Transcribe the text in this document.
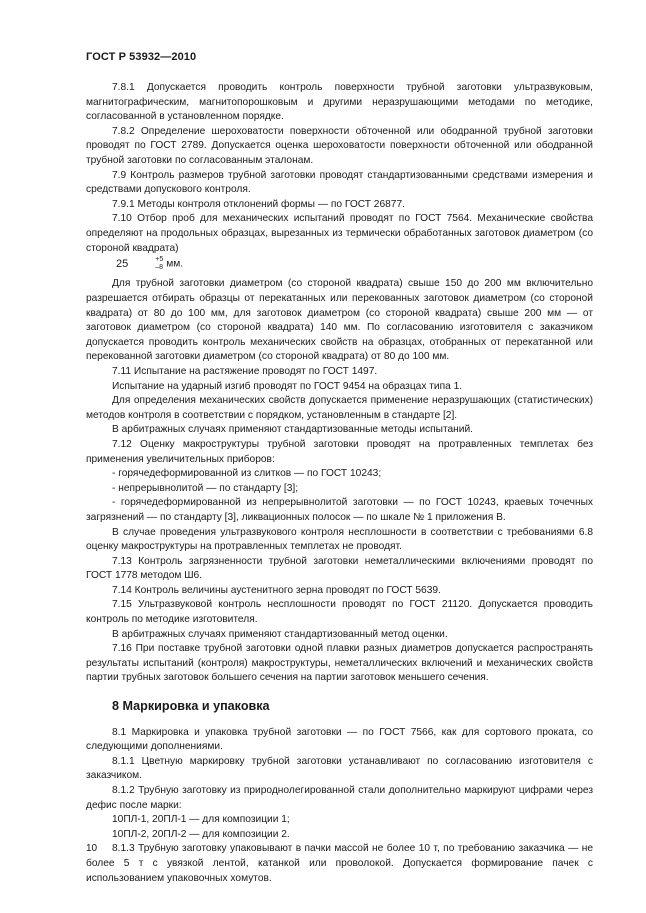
ГОСТ Р 53932—2010

7.8.1 Допускается проводить контроль поверхности трубной заготовки ультразвуковым, магнитографическим, магнитопорошковым и другими неразрушающими методами по методике, согласованной в установленном порядке.

7.8.2 Определение шероховатости поверхности обточенной или ободранной трубной заготовки проводят по ГОСТ 2789. Допускается оценка шероховатости поверхности обточенной или ободранной трубной заготовки по согласованным эталонам.

7.9 Контроль размеров трубной заготовки проводят стандартизованными средствами измерения и средствами допускового контроля.

7.9.1 Методы контроля отклонений формы — по ГОСТ 26877.

7.10 Отбор проб для механических испытаний проводят по ГОСТ 7564. Механические свойства определяют на продольных образцах, вырезанных из термически обработанных заготовок диаметром (со стороной квадрата)

25	+5
–8 мм.

Для трубной заготовки диаметром (со стороной квадрата) свыше 150 до 200 мм включительно разрешается отбирать образцы от перекатанных или перекованных заготовок диаметром (со стороной квадрата) от 80 до 100 мм, для заготовок диаметром (со стороной квадрата) свыше 200 мм — от заготовок диаметром (со стороной квадрата) 140 мм. По согласованию изготовителя с заказчиком допускается проводить контроль механических свойств на образцах, отобранных от перекатанной или перекованной заготовки диаметром (со стороной квадрата) от 80 до 100 мм.

7.11 Испытание на растяжение проводят по ГОСТ 1497.

Испытание на ударный изгиб проводят по ГОСТ 9454 на образцах типа 1.

Для определения механических свойств допускается применение неразрушающих (статистических) методов контроля в соответствии с порядком, установленным в стандарте [2].

В арбитражных случаях применяют стандартизованные методы испытаний.

7.12 Оценку макроструктуры трубной заготовки проводят на протравленных темплетах без применения увеличительных приборов:

- горячедеформированной из слитков — по ГОСТ 10243;

- непрерывнолитой — по стандарту [3];

- горячедеформированной из непрерывнолитой заготовки — по ГОСТ 10243, краевых точечных загрязнений — по стандарту [3], ликвационных полосок — по шкале № 1 приложения В.

В случае проведения ультразвукового контроля несплошности в соответствии с требованиями 6.8 оценку макроструктуры на протравленных темплетах не проводят.

7.13 Контроль загрязненности трубной заготовки неметаллическими включениями проводят по ГОСТ 1778 методом Ш6.

7.14 Контроль величины аустенитного зерна проводят по ГОСТ 5639.

7.15 Ультразвуковой контроль несплошности проводят по ГОСТ 21120. Допускается проводить контроль по методике изготовителя.

В арбитражных случаях применяют стандартизованный метод оценки.

7.16 При поставке трубной заготовки одной плавки разных диаметров допускается распространять результаты испытаний (контроля) макроструктуры, неметаллических включений и механических свойств партии трубных заготовок большего сечения на партии заготовок меньшего сечения.

8 Маркировка и упаковка

8.1 Маркировка и упаковка трубной заготовки — по ГОСТ 7566, как для сортового проката, со следующими дополнениями.

8.1.1 Цветную маркировку трубной заготовки устанавливают по согласованию изготовителя с заказчиком.

8.1.2 Трубную заготовку из природнолегированной стали дополнительно маркируют цифрами через дефис после марки:

10ПЛ-1, 20ПЛ-1 — для композиции 1;

10ПЛ-2, 20ПЛ-2 — для композиции 2.

8.1.3 Трубную заготовку упаковывают в пачки массой не более 10 т, по требованию заказчика — не более 5 т с увязкой лентой, катанкой или проволокой. Допускается формирование пачек с использованием упаковочных хомутов.

10
